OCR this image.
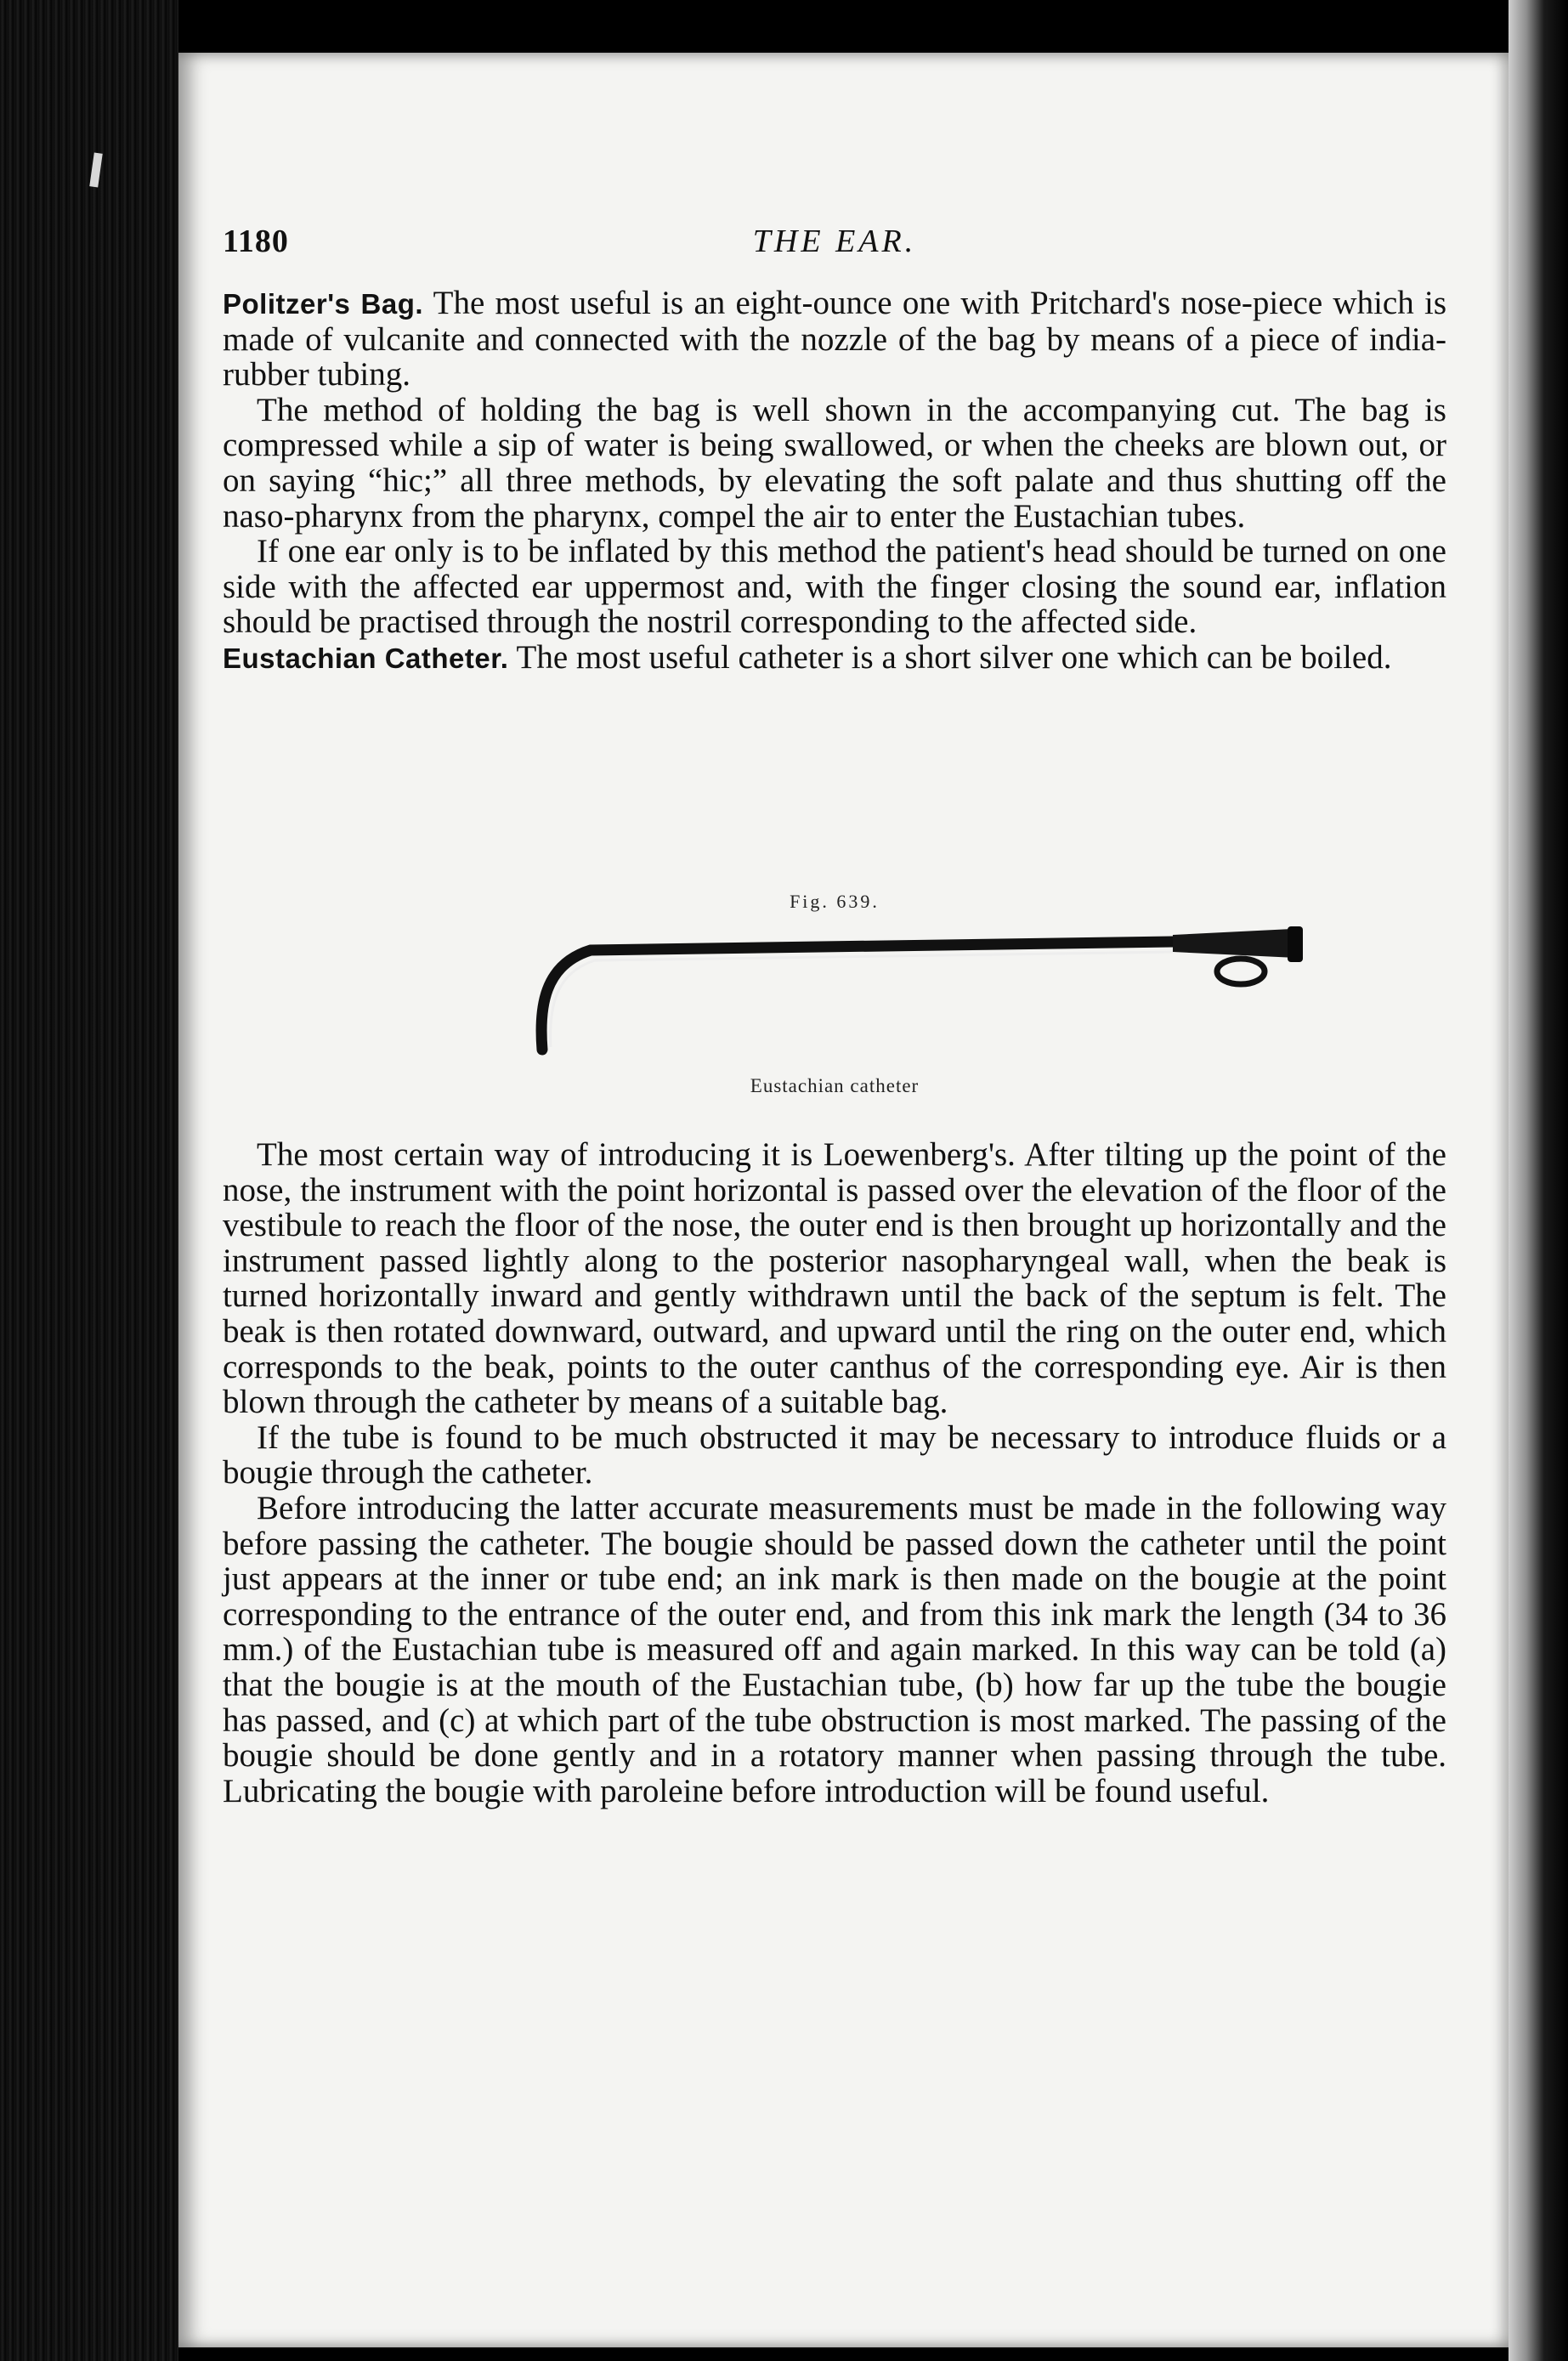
1180	THE EAR.

Politzer's Bag. The most useful is an eight-ounce one with Pritchard's nose-piece which is made of vulcanite and connected with the nozzle of the bag by means of a piece of india-rubber tubing.

The method of holding the bag is well shown in the accompanying cut. The bag is compressed while a sip of water is being swallowed, or when the cheeks are blown out, or on saying “hic;” all three methods, by elevating the soft palate and thus shutting off the naso-pharynx from the pharynx, compel the air to enter the Eustachian tubes.

If one ear only is to be inflated by this method the patient's head should be turned on one side with the affected ear uppermost and, with the finger closing the sound ear, inflation should be practised through the nostril corresponding to the affected side.

Eustachian Catheter. The most useful catheter is a short silver one which can be boiled.

Fig. 639.
Eustachian catheter

The most certain way of introducing it is Loewenberg's. After tilting up the point of the nose, the instrument with the point horizontal is passed over the elevation of the floor of the vestibule to reach the floor of the nose, the outer end is then brought up horizontally and the instrument passed lightly along to the posterior nasopharyngeal wall, when the beak is turned horizontally inward and gently withdrawn until the back of the septum is felt. The beak is then rotated downward, outward, and upward until the ring on the outer end, which corresponds to the beak, points to the outer canthus of the corresponding eye. Air is then blown through the catheter by means of a suitable bag.

If the tube is found to be much obstructed it may be necessary to introduce fluids or a bougie through the catheter.

Before introducing the latter accurate measurements must be made in the following way before passing the catheter. The bougie should be passed down the catheter until the point just appears at the inner or tube end; an ink mark is then made on the bougie at the point corresponding to the entrance of the outer end, and from this ink mark the length (34 to 36 mm.) of the Eustachian tube is measured off and again marked. In this way can be told (a) that the bougie is at the mouth of the Eustachian tube, (b) how far up the tube the bougie has passed, and (c) at which part of the tube obstruction is most marked. The passing of the bougie should be done gently and in a rotatory manner when passing through the tube. Lubricating the bougie with paroleine before introduction will be found useful.
